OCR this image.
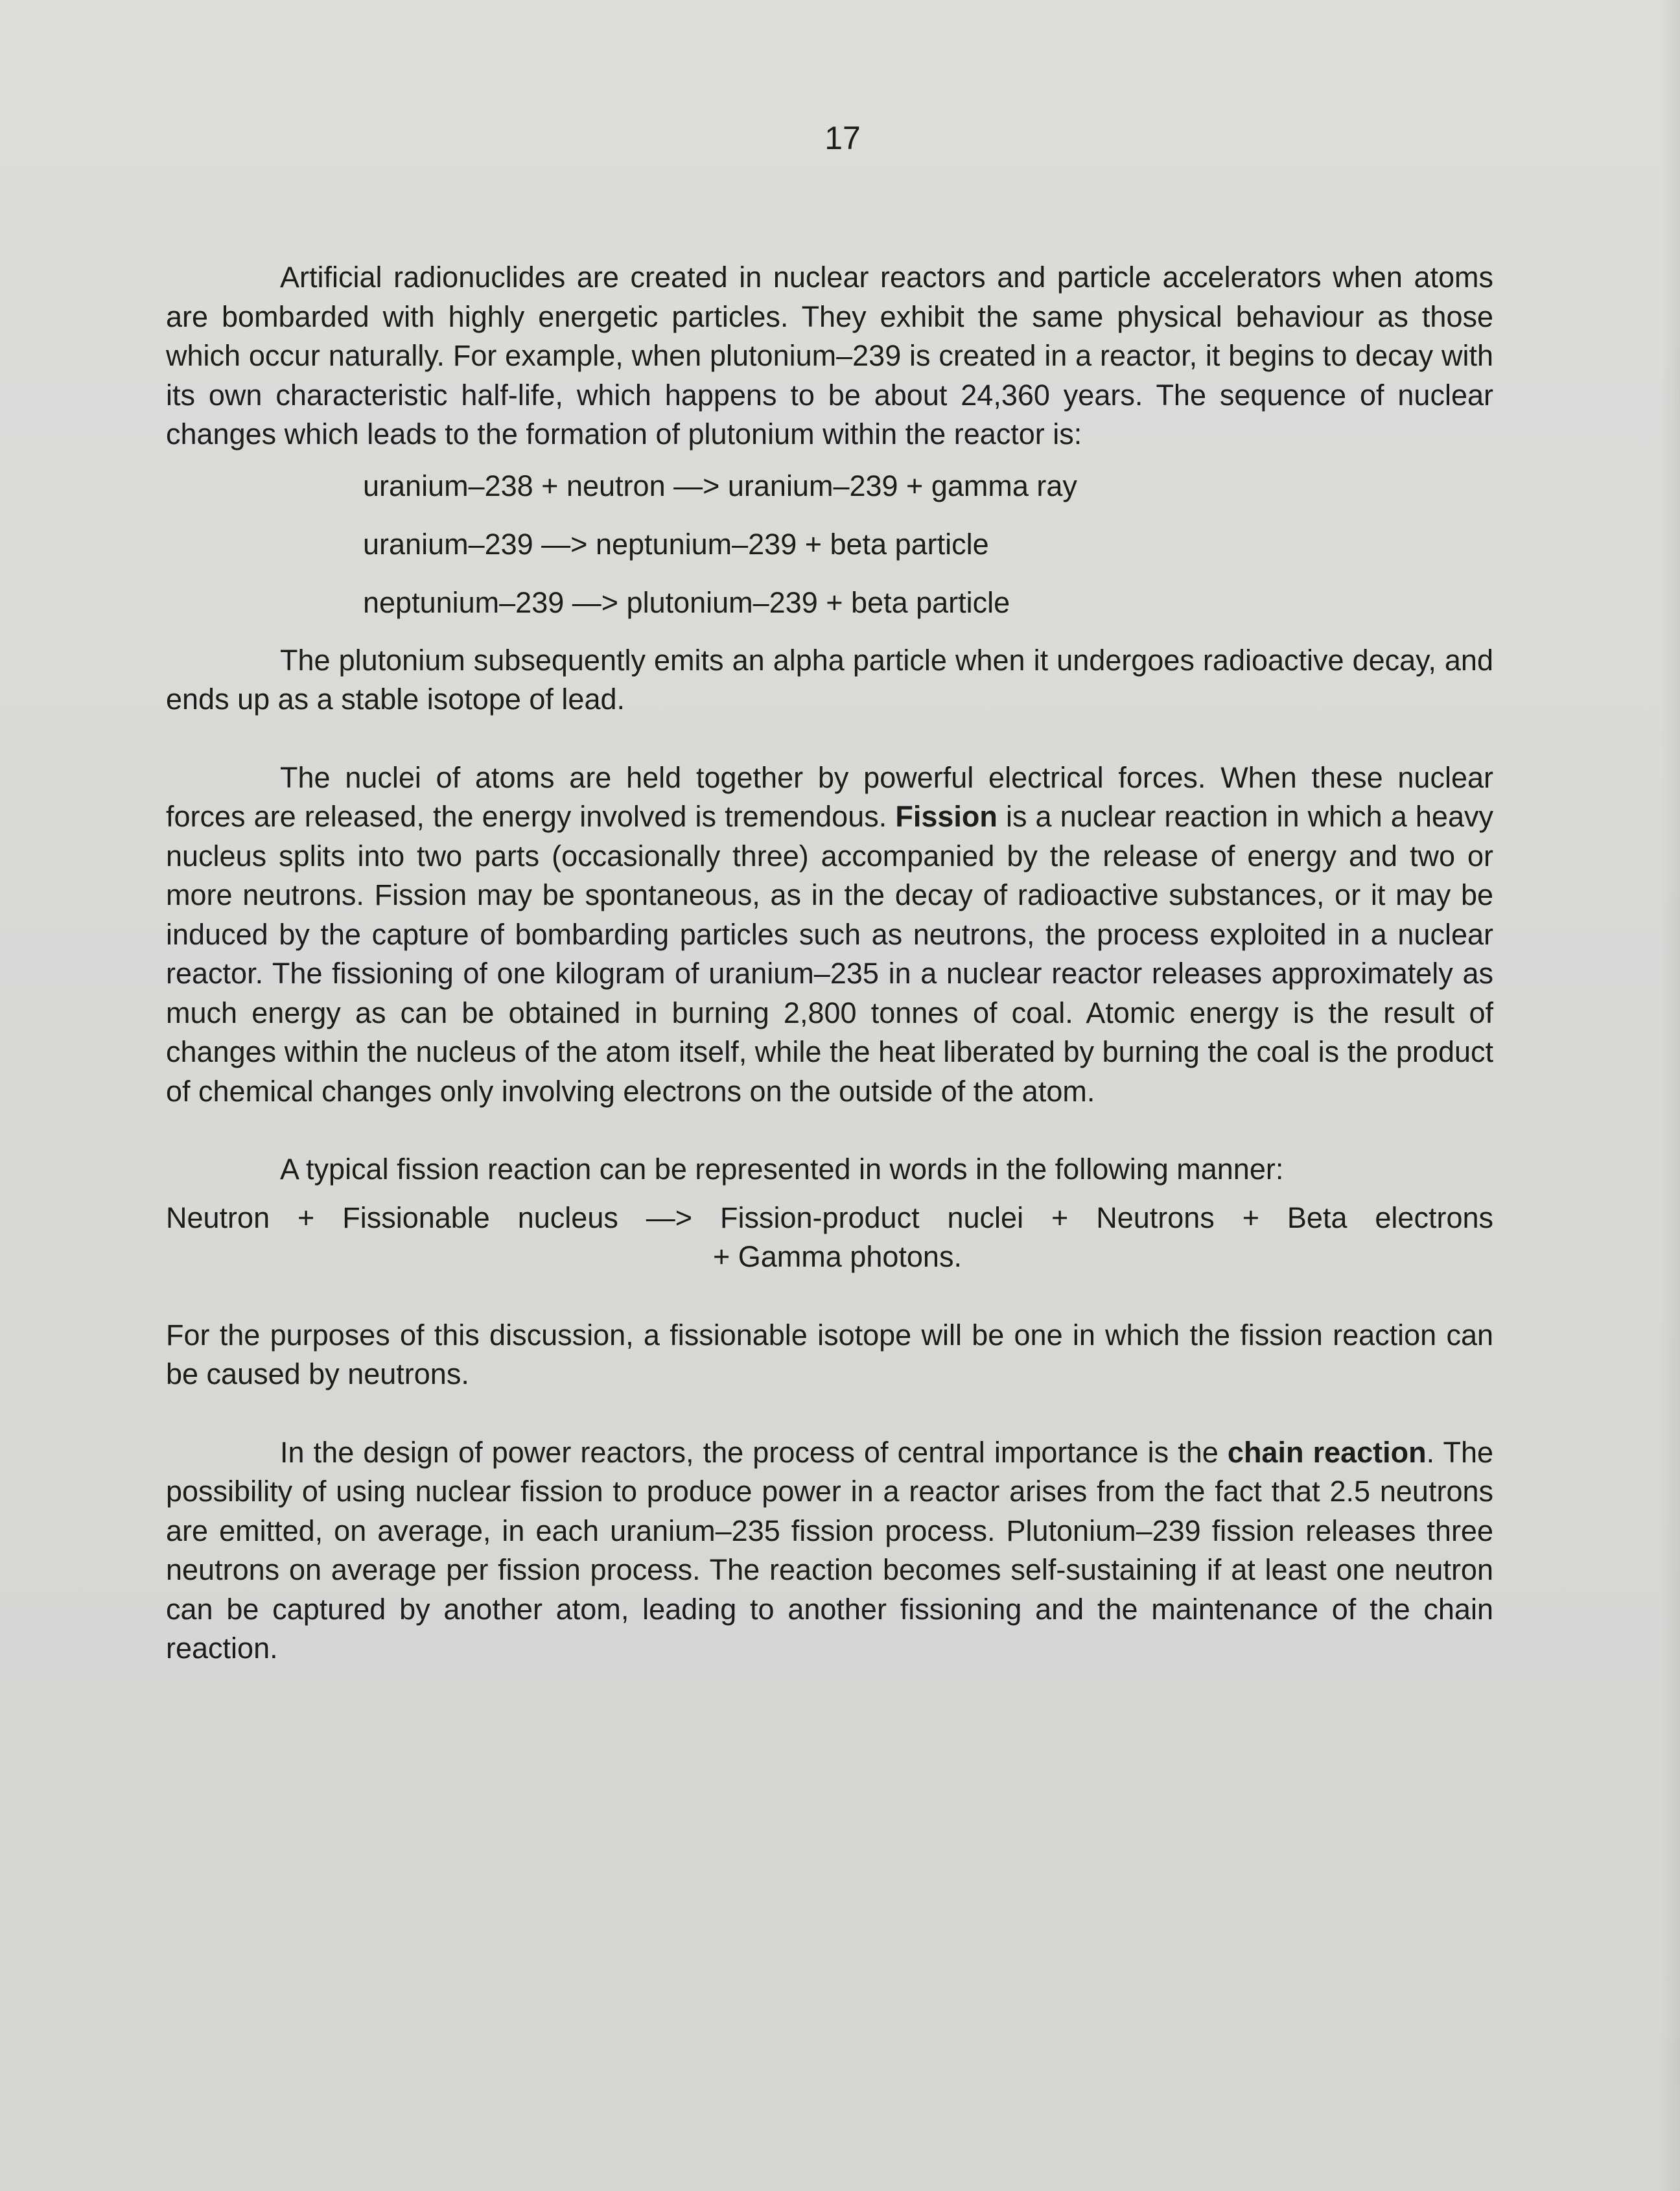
17

Artificial radionuclides are created in nuclear reactors and particle accelerators when atoms are bombarded with highly energetic particles. They exhibit the same physical behaviour as those which occur naturally. For example, when plutonium–239 is created in a reactor, it begins to decay with its own characteristic half-life, which happens to be about 24,360 years. The sequence of nuclear changes which leads to the formation of plutonium within the reactor is:

uranium–238 + neutron —> uranium–239 + gamma ray

uranium–239 —> neptunium–239 + beta particle

neptunium–239 —> plutonium–239 + beta particle

The plutonium subsequently emits an alpha particle when it undergoes radioactive decay, and ends up as a stable isotope of lead.

The nuclei of atoms are held together by powerful electrical forces. When these nuclear forces are released, the energy involved is tremendous. Fission is a nuclear reaction in which a heavy nucleus splits into two parts (occasionally three) accompanied by the release of energy and two or more neutrons. Fission may be spontaneous, as in the decay of radioactive substances, or it may be induced by the capture of bombarding particles such as neutrons, the process exploited in a nuclear reactor. The fissioning of one kilogram of uranium–235 in a nuclear reactor releases approximately as much energy as can be obtained in burning 2,800 tonnes of coal. Atomic energy is the result of changes within the nucleus of the atom itself, while the heat liberated by burning the coal is the product of chemical changes only involving electrons on the outside of the atom.

A typical fission reaction can be represented in words in the following manner:

Neutron + Fissionable nucleus —> Fission-product nuclei + Neutrons + Beta electrons

+ Gamma photons.

For the purposes of this discussion, a fissionable isotope will be one in which the fission reaction can be caused by neutrons.

In the design of power reactors, the process of central importance is the chain reaction. The possibility of using nuclear fission to produce power in a reactor arises from the fact that 2.5 neutrons are emitted, on average, in each uranium–235 fission process. Plutonium–239 fission releases three neutrons on average per fission process. The reaction becomes self-sustaining if at least one neutron can be captured by another atom, leading to another fissioning and the maintenance of the chain reaction.
